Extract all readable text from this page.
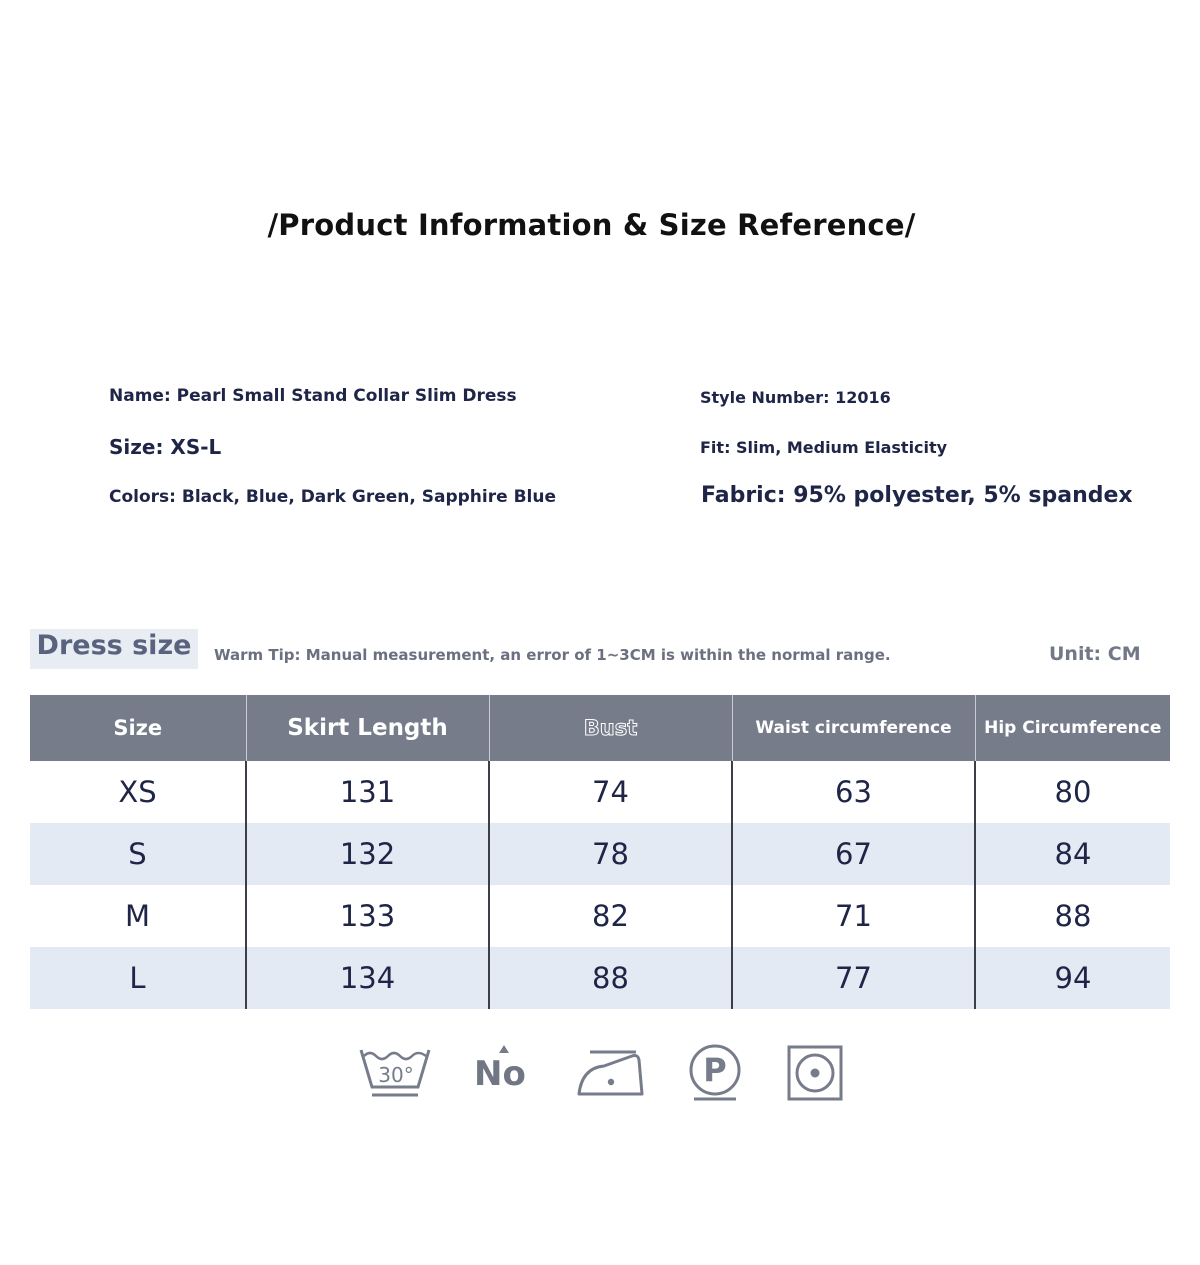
/Product Information & Size Reference/
Name: Pearl Small Stand Collar Slim Dress	Style Number: 12016
Size: XS-L	Fit: Slim, Medium Elasticity
Colors: Black, Blue, Dark Green, Sapphire Blue	Fabric: 95% polyester, 5% spandex
Dress size	Warm Tip: Manual measurement, an error of 1~3CM is within the normal range.	Unit: CM
Size	Skirt Length	Bust	Waist circumference	Hip Circumference
XS	131	74	63	80
S	132	78	67	84
M	133	82	71	88
L	134	88	77	94
30° No	P
